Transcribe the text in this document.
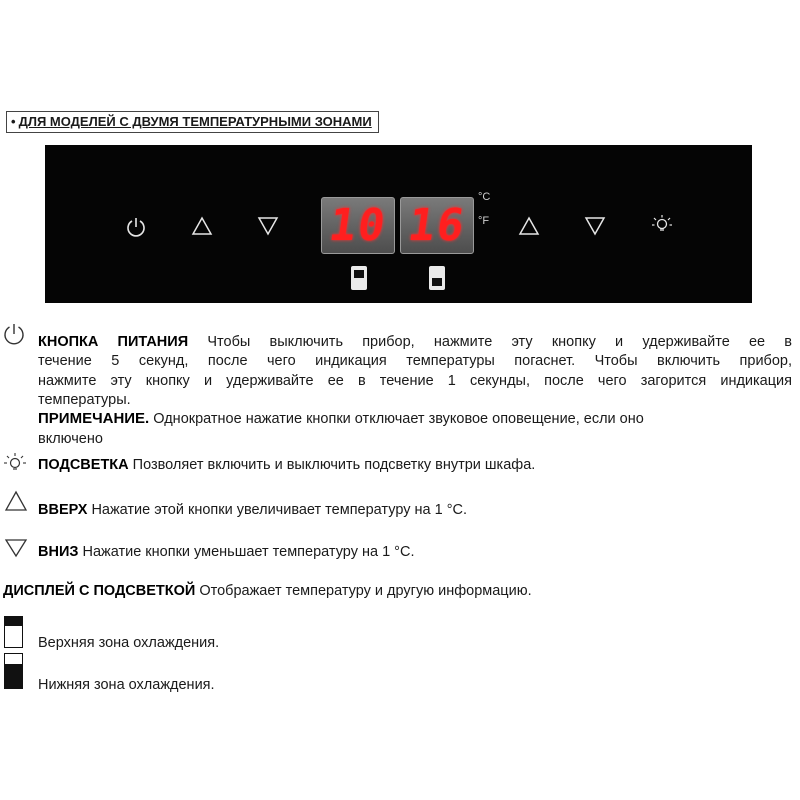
• ДЛЯ МОДЕЛЕЙ С ДВУМЯ ТЕМПЕРАТУРНЫМИ ЗОНАМИ
10 16
°C
°F
КНОПКА ПИТАНИЯ Чтобы выключить прибор, нажмите эту кнопку и удерживайте ее в
течение 5 секунд, после чего индикация температуры погаснет. Чтобы включить прибор,
нажмите эту кнопку и удерживайте ее в течение 1 секунды, после чего загорится индикация
температуры.
ПРИМЕЧАНИЕ. Однократное нажатие кнопки отключает звуковое оповещение, если оно
включено
ПОДСВЕТКА Позволяет включить и выключить подсветку внутри шкафа.
ВВЕРХ Нажатие этой кнопки увеличивает температуру на 1 °C.
ВНИЗ Нажатие кнопки уменьшает температуру на 1 °C.
ДИСПЛЕЙ С ПОДСВЕТКОЙ Отображает температуру и другую информацию.
Верхняя зона охлаждения.
Нижняя зона охлаждения.
